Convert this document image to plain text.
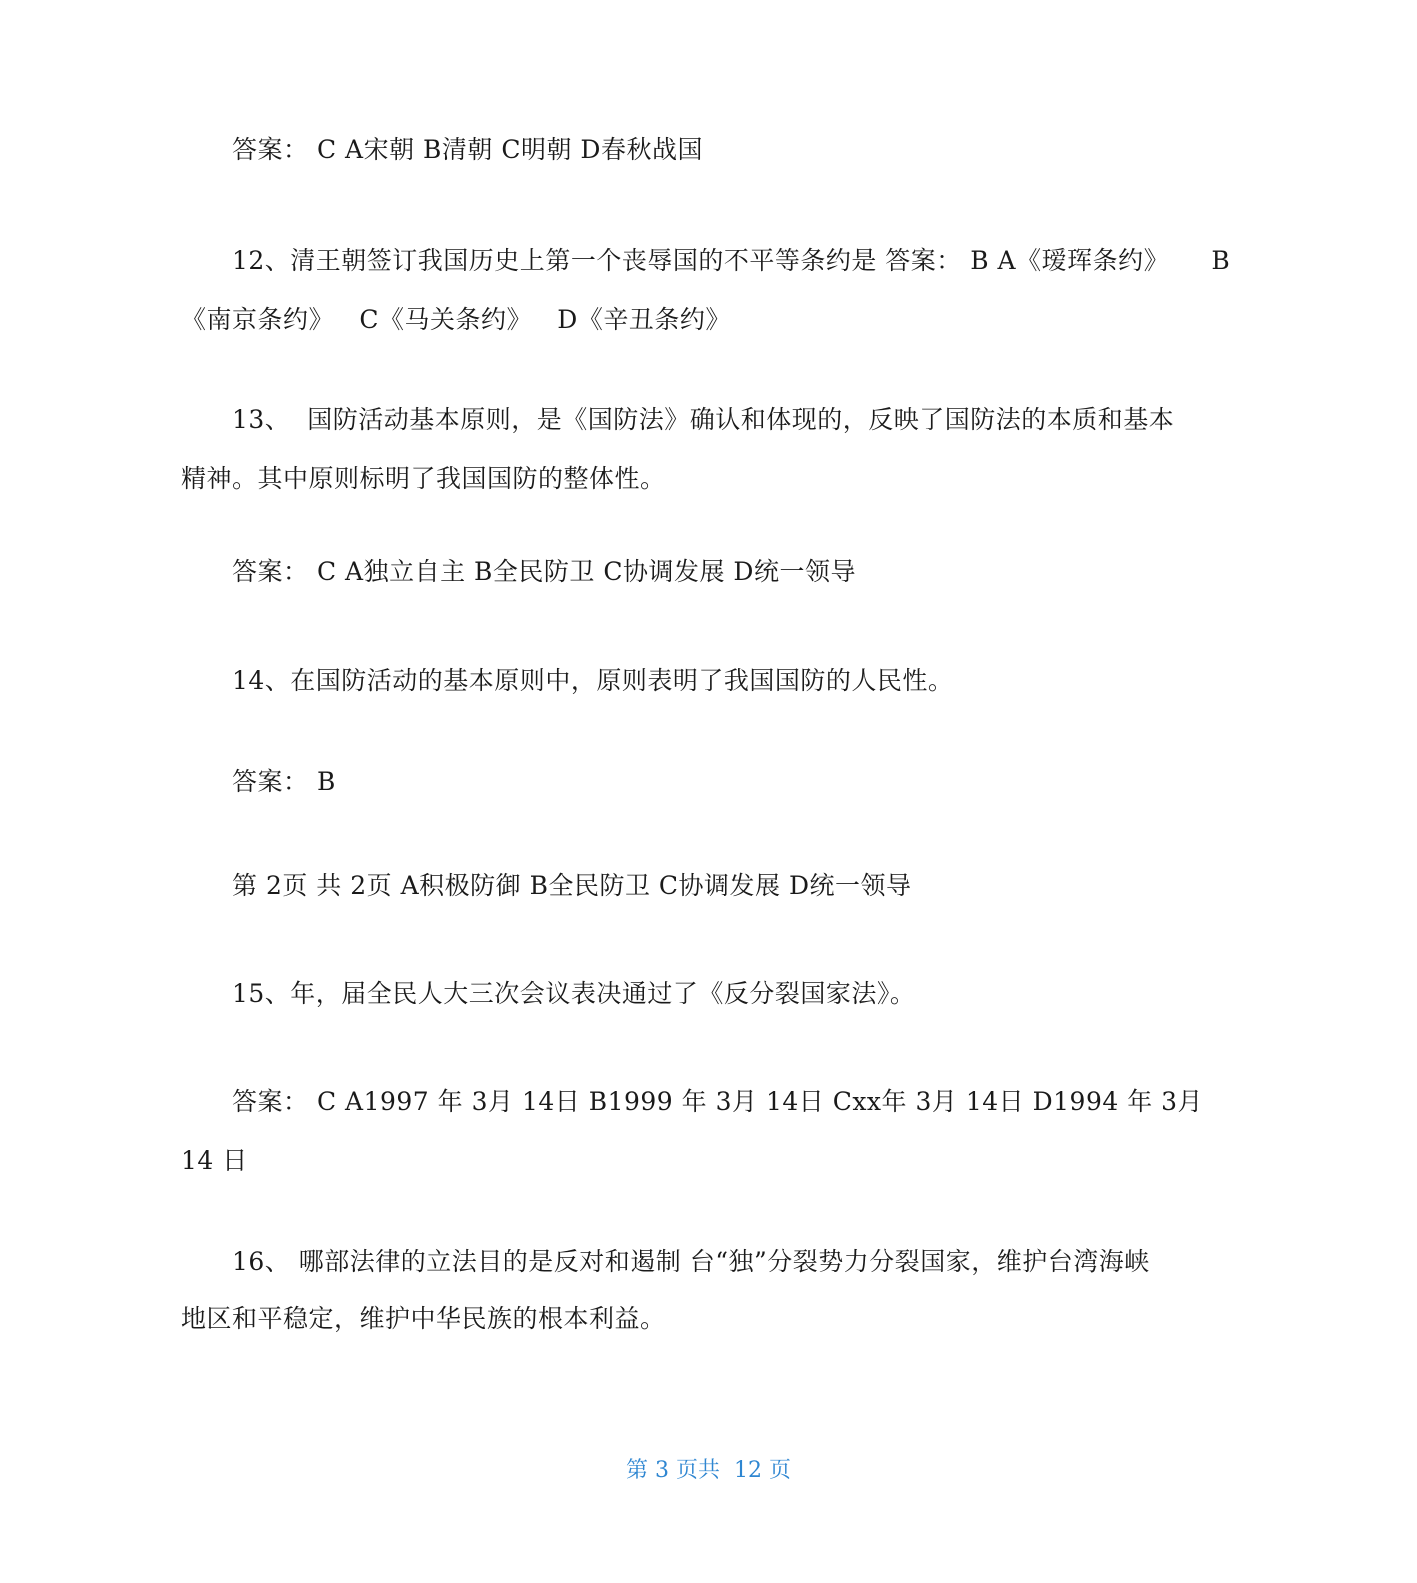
答案： C A宋朝 B清朝 C明朝 D春秋战国
12、清王朝签订我国历史上第一个丧辱国的不平等条约是 答案： B A《瑷珲条约》     B
《南京条约》   C《马关条约》   D《辛丑条约》
13、  国防活动基本原则，是《国防法》确认和体现的，反映了国防法的本质和基本
精神。其中原则标明了我国国防的整体性。
答案： C A独立自主 B全民防卫 C协调发展 D统一领导
14、在国防活动的基本原则中，原则表明了我国国防的人民性。
答案： B
第 2页 共 2页 A积极防御 B全民防卫 C协调发展 D统一领导
15、年，届全民人大三次会议表决通过了《反分裂国家法》。
答案： C A1997 年 3月 14日 B1999 年 3月 14日 Cxx年 3月 14日 D1994 年 3月
14 日
16、 哪部法律的立法目的是反对和遏制 台“独”分裂势力分裂国家，维护台湾海峡
地区和平稳定，维护中华民族的根本利益。
第 3 页共  12 页
